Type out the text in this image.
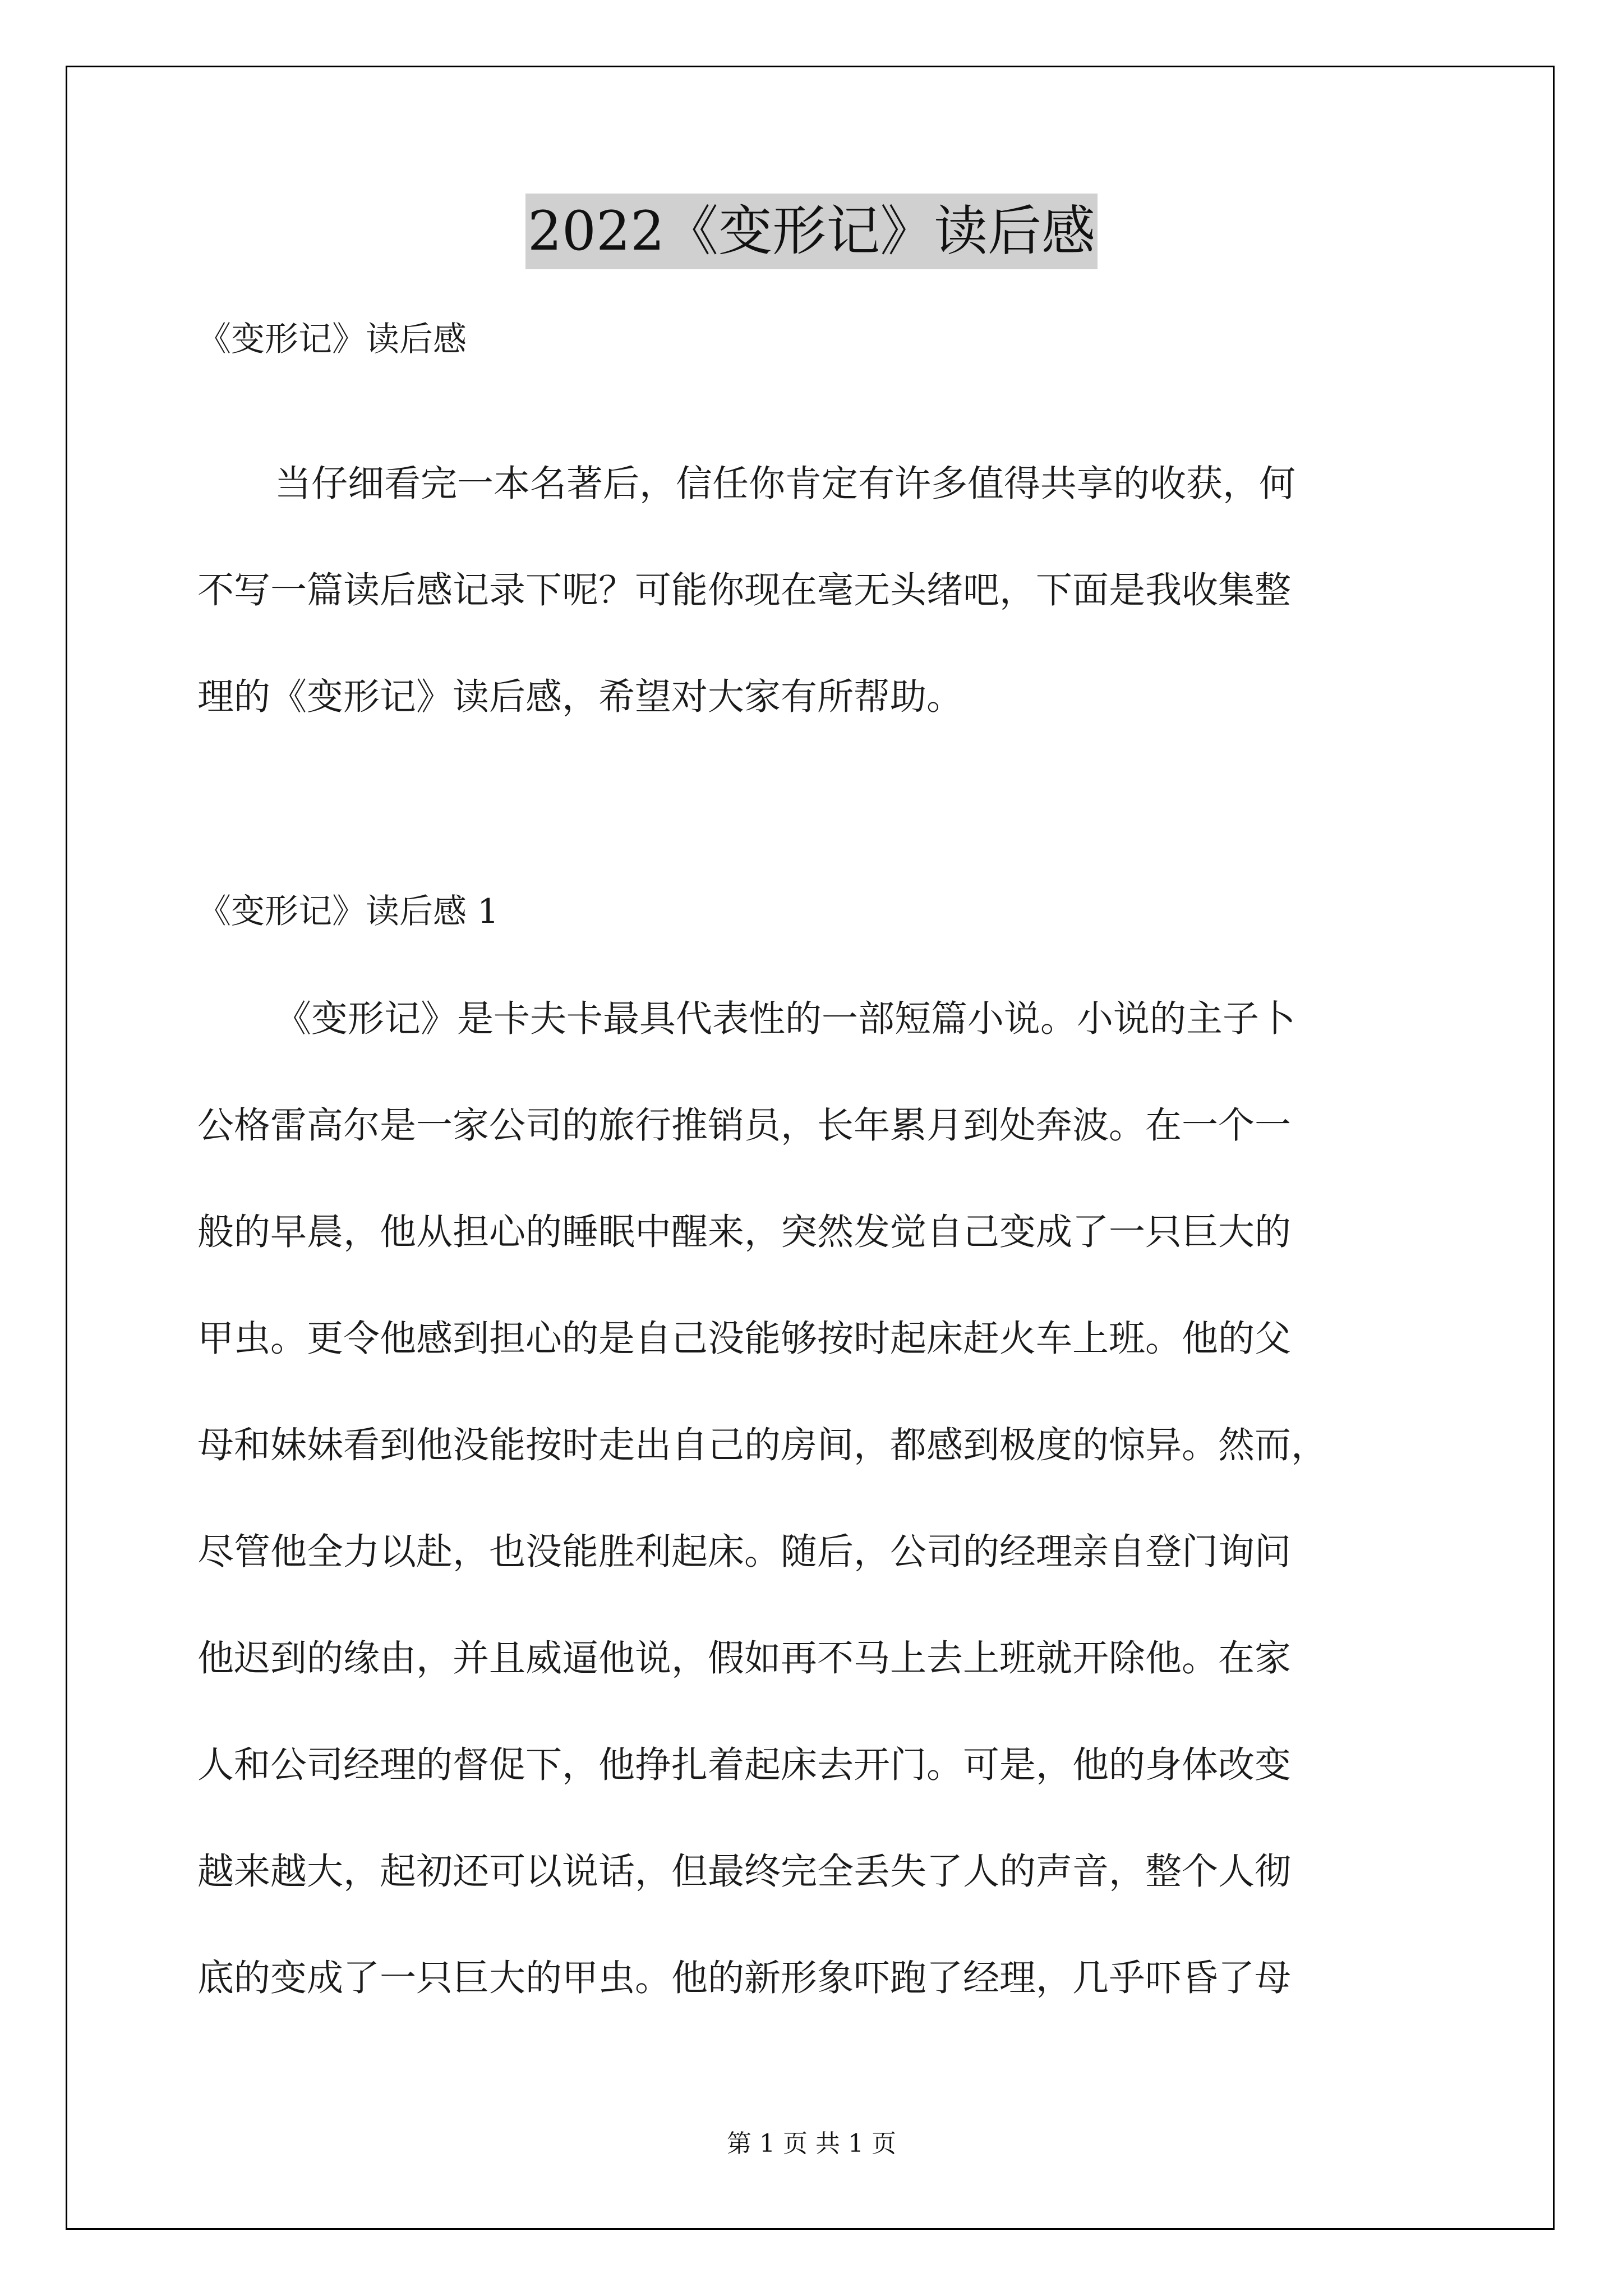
2022《变形记》读后感
《变形记》读后感
当仔细看完一本名著后，信任你肯定有许多值得共享的收获，何
不写一篇读后感记录下呢？可能你现在毫无头绪吧，下面是我收集整
理的《变形记》读后感，希望对大家有所帮助。
《变形记》读后感 1
《变形记》是卡夫卡最具代表性的一部短篇小说。小说的主子卜
公格雷高尔是一家公司的旅行推销员，长年累月到处奔波。在一个一
般的早晨，他从担心的睡眠中醒来，突然发觉自己变成了一只巨大的
甲虫。更令他感到担心的是自己没能够按时起床赶火车上班。他的父
母和妹妹看到他没能按时走出自己的房间，都感到极度的惊异。然而，
尽管他全力以赴，也没能胜利起床。随后，公司的经理亲自登门询问
他迟到的缘由，并且威逼他说，假如再不马上去上班就开除他。在家
人和公司经理的督促下，他挣扎着起床去开门。可是，他的身体改变
越来越大，起初还可以说话，但最终完全丢失了人的声音，整个人彻
底的变成了一只巨大的甲虫。他的新形象吓跑了经理，几乎吓昏了母
第 1 页 共 1 页
